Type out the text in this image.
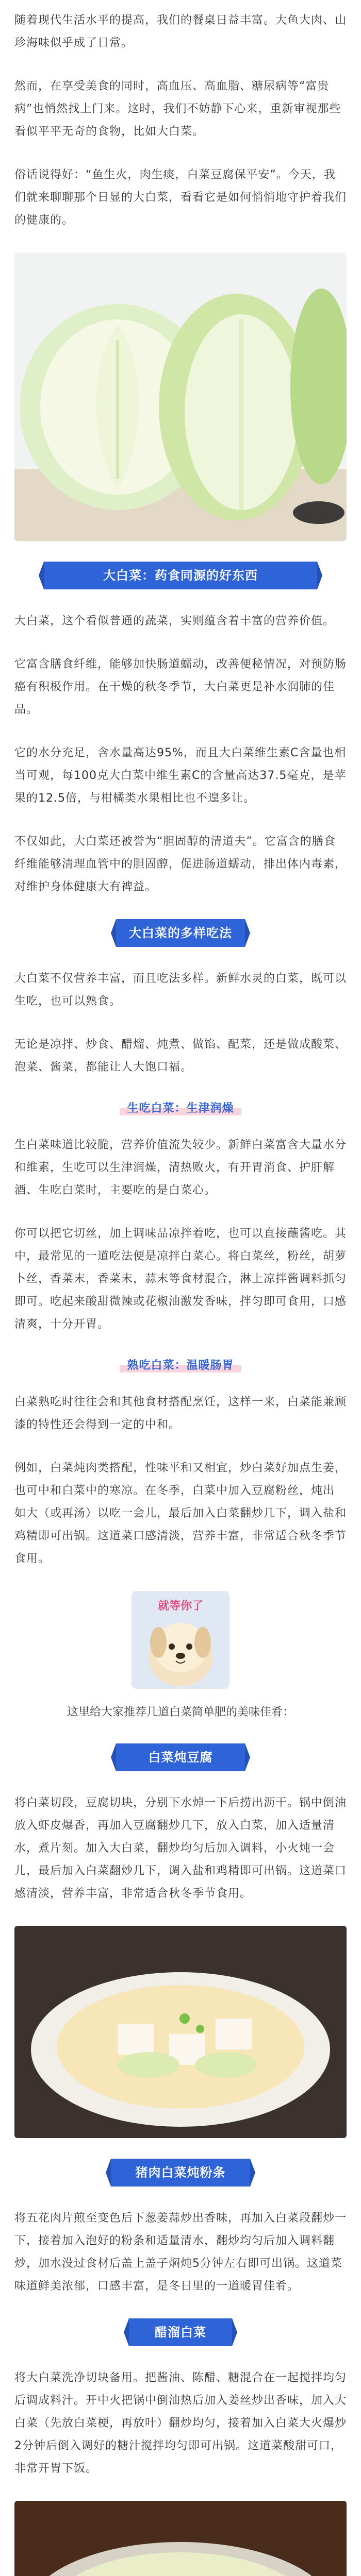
随着现代生活水平的提高，我们的餐桌日益丰富。大鱼大肉、山珍海味似乎成了日常。

然而，在享受美食的同时，高血压、高血脂、糖尿病等“富贵病”也悄然找上门来。这时，我们不妨静下心来，重新审视那些看似平平无奇的食物，比如大白菜。

俗话说得好：“鱼生火，肉生痰，白菜豆腐保平安”。今天，我们就来聊聊那个日显的大白菜，看看它是如何悄悄地守护着我们的健康的。

大白菜：药食同源的好东西

大白菜，这个看似普通的蔬菜，实则蕴含着丰富的营养价值。

它富含膳食纤维，能够加快肠道蠕动，改善便秘情况，对预防肠癌有积极作用。在干燥的秋冬季节，大白菜更是补水润肺的佳品。

它的水分充足，含水量高达95%，而且大白菜维生素C含量也相当可观，每100克大白菜中维生素C的含量高达37.5毫克，是苹果的12.5倍，与柑橘类水果相比也不遑多让。

不仅如此，大白菜还被誉为“胆固醇的清道夫”。它富含的膳食纤维能够清理血管中的胆固醇，促进肠道蠕动，排出体内毒素，对维护身体健康大有裨益。

大白菜的多样吃法

大白菜不仅营养丰富，而且吃法多样。新鲜水灵的白菜，既可以生吃，也可以熟食。

无论是凉拌、炒食、醋熘、炖煮、做馅、配菜，还是做成酸菜、泡菜、酱菜，都能让人大饱口福。

生吃白菜：生津润燥

生白菜味道比较脆，营养价值流失较少。新鲜白菜富含大量水分和维素，生吃可以生津润燥，清热败火，有开胃消食、护肝解酒、生吃白菜时，主要吃的是白菜心。

你可以把它切丝，加上调味品凉拌着吃，也可以直接蘸酱吃。其中，最常见的一道吃法便是凉拌白菜心。将白菜丝，粉丝，胡萝卜丝，香菜末，香菜末，蒜末等食材混合，淋上凉拌酱调料抓匀即可。吃起来酸甜微辣或花椒油激发香味，拌匀即可食用，口感清爽，十分开胃。

熟吃白菜：温暖肠胃

白菜熟吃时往往会和其他食材搭配烹饪，这样一来，白菜能兼顾漆的特性还会得到一定的中和。

例如，白菜炖肉类搭配，性味平和又相宜，炒白菜好加点生姜，也可中和白菜中的寒凉。在冬季，白菜中加入豆腐粉丝，炖出 如大（或再汤）以吃一会儿，最后加入白菜翻炒几下，调入盐和鸡精即可出锅。这道菜口感清淡，营养丰富，非常适合秋冬季节食用。

就等你了

这里给大家推荐几道白菜简单肥的美味佳肴：

白菜炖豆腐

将白菜切段，豆腐切块，分别下水焯一下后捞出沥干。锅中倒油放入虾皮爆香，再加入豆腐翻炒几下，放入白菜，加入适量清水，煮片刻。加入大白菜，翻炒均匀后加入调料，小火炖一会儿，最后加入白菜翻炒几下，调入盐和鸡精即可出锅。这道菜口感清淡，营养丰富，非常适合秋冬季节食用。

猪肉白菜炖粉条

将五花肉片煎至变色后下葱姜蒜炒出香味，再加入白菜段翻炒一下，接着加入泡好的粉条和适量清水，翻炒均匀后加入调料翻炒，加水没过食材后盖上盖子焖炖5分钟左右即可出锅。这道菜味道鲜美浓郁，口感丰富，是冬日里的一道暖胃佳肴。

醋溜白菜

将大白菜洗净切块备用。把酱油、陈醋、糖混合在一起搅拌均匀后调成料汁。开中火把锅中倒油热后加入姜丝炒出香味，加入大白菜（先放白菜梗，再放叶）翻炒均匀，接着加入白菜大火爆炒2分钟后倒入调好的糖汁搅拌均匀即可出锅。这道菜酸甜可口，非常开胃下饭。
